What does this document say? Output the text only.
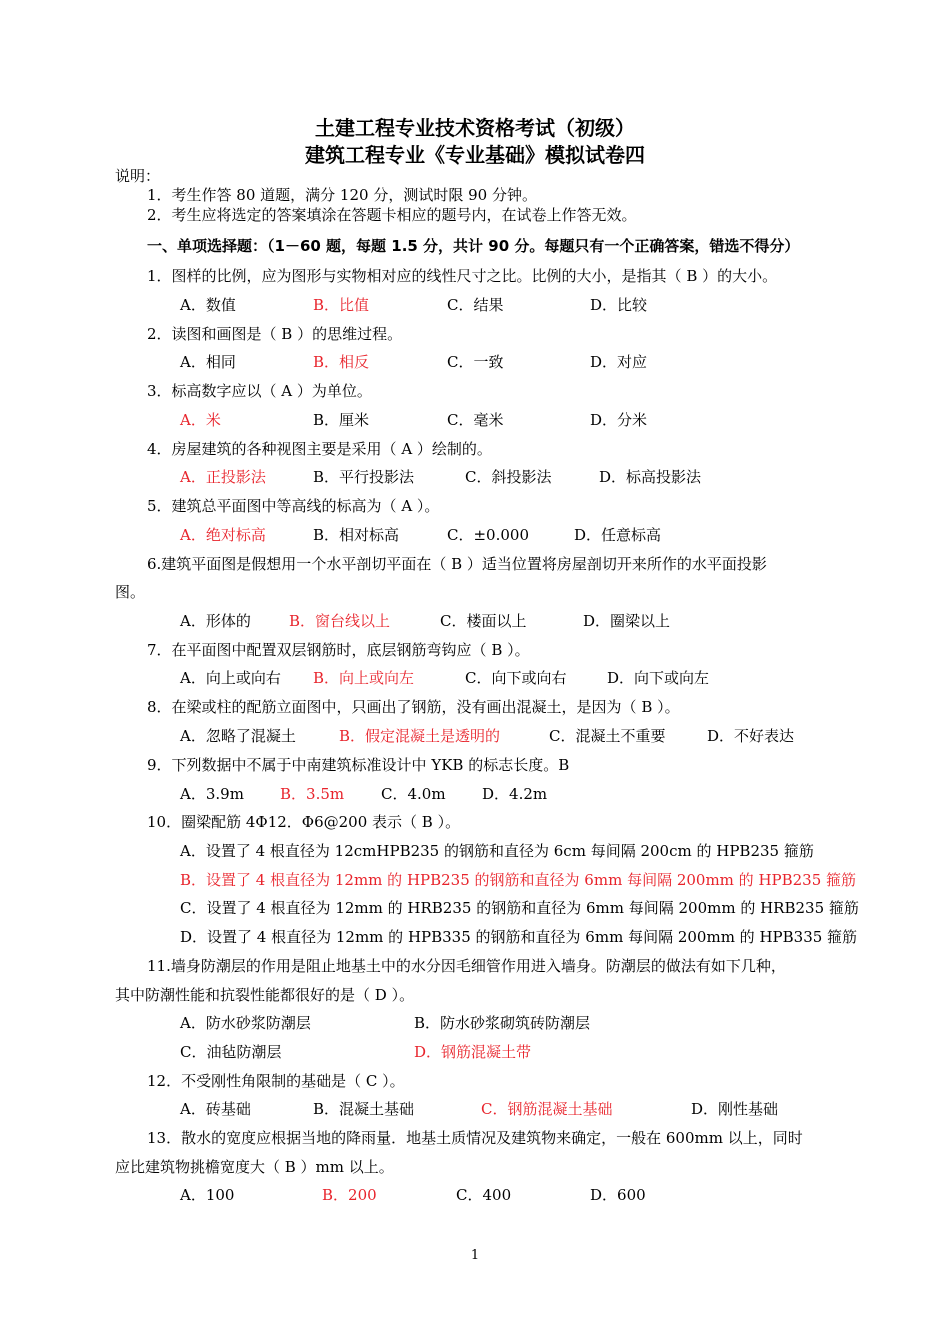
土建工程专业技术资格考试（初级）
建筑工程专业《专业基础》模拟试卷四
说明：
1．考生作答 80 道题，满分 120 分，测试时限 90 分钟。
2．考生应将选定的答案填涂在答题卡相应的题号内，在试卷上作答无效。
一、单项选择题：（1－60 题，每题 1.5 分，共计 90 分。每题只有一个正确答案，错选不得分）
1．图样的比例，应为图形与实物相对应的线性尺寸之比。比例的大小，是指其（ B ）的大小。
A．数值	B．比值	C．结果	D．比较
2．读图和画图是（ B ）的思维过程。
A．相同	B．相反	C．一致	D．对应
3．标高数字应以（ A ）为单位。
A．米	B．厘米	C．毫米	D．分米
4．房屋建筑的各种视图主要是采用（ A ）绘制的。
A．正投影法	B．平行投影法	C．斜投影法	D．标高投影法
5．建筑总平面图中等高线的标高为（ A ）。
A．绝对标高	B．相对标高	C．±0.000	D．任意标高
6.建筑平面图是假想用一个水平剖切平面在（ B ）适当位置将房屋剖切开来所作的水平面投影
图。
A．形体的	B．窗台线以上	C．楼面以上	D．圈梁以上
7．在平面图中配置双层钢筋时，底层钢筋弯钩应（ B ）。
A．向上或向右 B．向上或向左	C．向下或向右	D．向下或向左
8．在梁或柱的配筋立面图中，只画出了钢筋，没有画出混凝土，是因为（ B ）。
A．忽略了混凝土	B．假定混凝土是透明的	C．混凝土不重要	D．不好表达
9．下列数据中不属于中南建筑标准设计中 YKB 的标志长度。B
A．3.9m B．3.5m C．4.0m D．4.2m
10．圈梁配筋 4Φ12．Φ6@200 表示（ B ）。
A．设置了 4 根直径为 12cmHPB235 的钢筋和直径为 6cm 每间隔 200cm 的 HPB235 箍筋
B．设置了 4 根直径为 12mm 的 HPB235 的钢筋和直径为 6mm 每间隔 200mm 的 HPB235 箍筋
C．设置了 4 根直径为 12mm 的 HRB235 的钢筋和直径为 6mm 每间隔 200mm 的 HRB235 箍筋
D．设置了 4 根直径为 12mm 的 HPB335 的钢筋和直径为 6mm 每间隔 200mm 的 HPB335 箍筋
11.墙身防潮层的作用是阻止地基土中的水分因毛细管作用进入墙身。防潮层的做法有如下几种，
其中防潮性能和抗裂性能都很好的是（ D ）。
A．防水砂浆防潮层	B．防水砂浆砌筑砖防潮层
C．油毡防潮层	D．钢筋混凝土带
12．不受刚性角限制的基础是（ C ）。
A．砖基础	B．混凝土基础	C．钢筋混凝土基础	D．刚性基础
13．散水的宽度应根据当地的降雨量．地基土质情况及建筑物来确定，一般在 600mm 以上，同时
应比建筑物挑檐宽度大（ B ）mm 以上。
A．100	B．200	C．400	D．600
1
